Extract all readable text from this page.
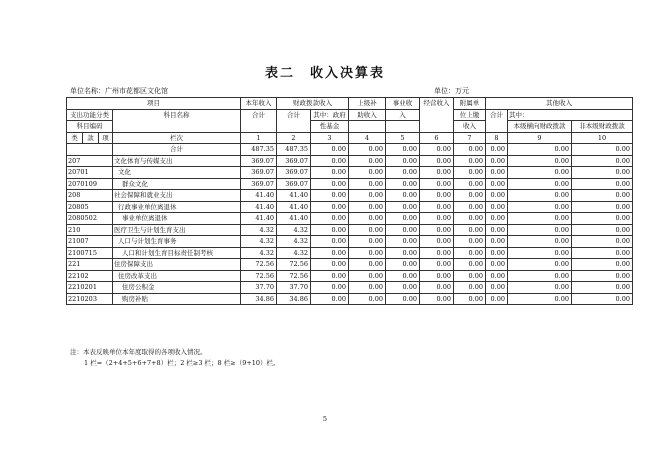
表二　收入决算表
单位名称：广州市花都区文化馆	单位：万元
项目				本年收入	财政拨款收入		上级补	事业收	经营收入	附属单	其他收入		
支出功能分类			科目名称	合计	合计	其中：政府	助收入	入		位上缴	合计	其中：	
科目编码						性基金				收入		本级横向财政拨款	非本级财政拨款
类	款	项	栏次	1	2	3	4	5	6	7	8	9	10
			合计	487.35	487.35	0.00	0.00	0.00	0.00	0.00	0.00	0.00	0.00
207			文化体育与传媒支出	369.07	369.07	0.00	0.00	0.00	0.00	0.00	0.00	0.00	0.00
20701			文化	369.07	369.07	0.00	0.00	0.00	0.00	0.00	0.00	0.00	0.00
2070109			群众文化	369.07	369.07	0.00	0.00	0.00	0.00	0.00	0.00	0.00	0.00
208			社会保障和就业支出	41.40	41.40	0.00	0.00	0.00	0.00	0.00	0.00	0.00	0.00
20805			行政事业单位离退休	41.40	41.40	0.00	0.00	0.00	0.00	0.00	0.00	0.00	0.00
2080502			事业单位离退休	41.40	41.40	0.00	0.00	0.00	0.00	0.00	0.00	0.00	0.00
210			医疗卫生与计划生育支出	4.32	4.32	0.00	0.00	0.00	0.00	0.00	0.00	0.00	0.00
21007			人口与计划生育事务	4.32	4.32	0.00	0.00	0.00	0.00	0.00	0.00	0.00	0.00
2100715			人口和计划生育目标责任制考核	4.32	4.32	0.00	0.00	0.00	0.00	0.00	0.00	0.00	0.00
221			住房保障支出	72.56	72.56	0.00	0.00	0.00	0.00	0.00	0.00	0.00	0.00
22102			住房改革支出	72.56	72.56	0.00	0.00	0.00	0.00	0.00	0.00	0.00	0.00
2210201			住房公积金	37.70	37.70	0.00	0.00	0.00	0.00	0.00	0.00	0.00	0.00
2210203			购房补贴	34.86	34.86	0.00	0.00	0.00	0.00	0.00	0.00	0.00	0.00
注：本表反映单位本年度取得的各项收入情况。
1 栏=（2+4+5+6+7+8）栏；2 栏≥3 栏；8 栏≥（9+10）栏。
5
